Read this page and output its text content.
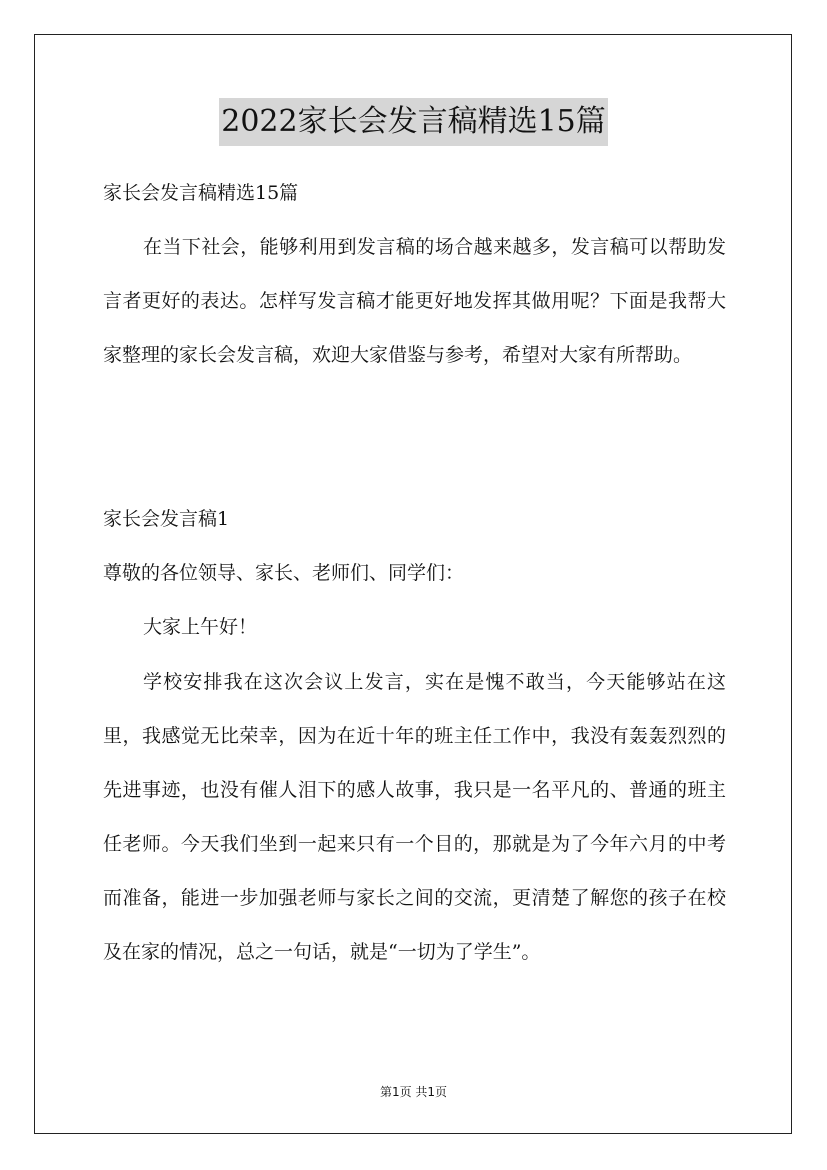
2022家长会发言稿精选15篇
家长会发言稿精选15篇

在当下社会，能够利用到发言稿的场合越来越多，发言稿可以帮助发言者更好的表达。怎样写发言稿才能更好地发挥其做用呢？下面是我帮大家整理的家长会发言稿，欢迎大家借鉴与参考，希望对大家有所帮助。

家长会发言稿1
尊敬的各位领导、家长、老师们、同学们：
大家上午好！

学校安排我在这次会议上发言，实在是愧不敢当，今天能够站在这里，我感觉无比荣幸，因为在近十年的班主任工作中，我没有轰轰烈烈的先进事迹，也没有催人泪下的感人故事，我只是一名平凡的、普通的班主任老师。今天我们坐到一起来只有一个目的，那就是为了今年六月的中考而准备，能进一步加强老师与家长之间的交流，更清楚了解您的孩子在校及在家的情况，总之一句话，就是“一切为了学生”。

第1页 共1页
